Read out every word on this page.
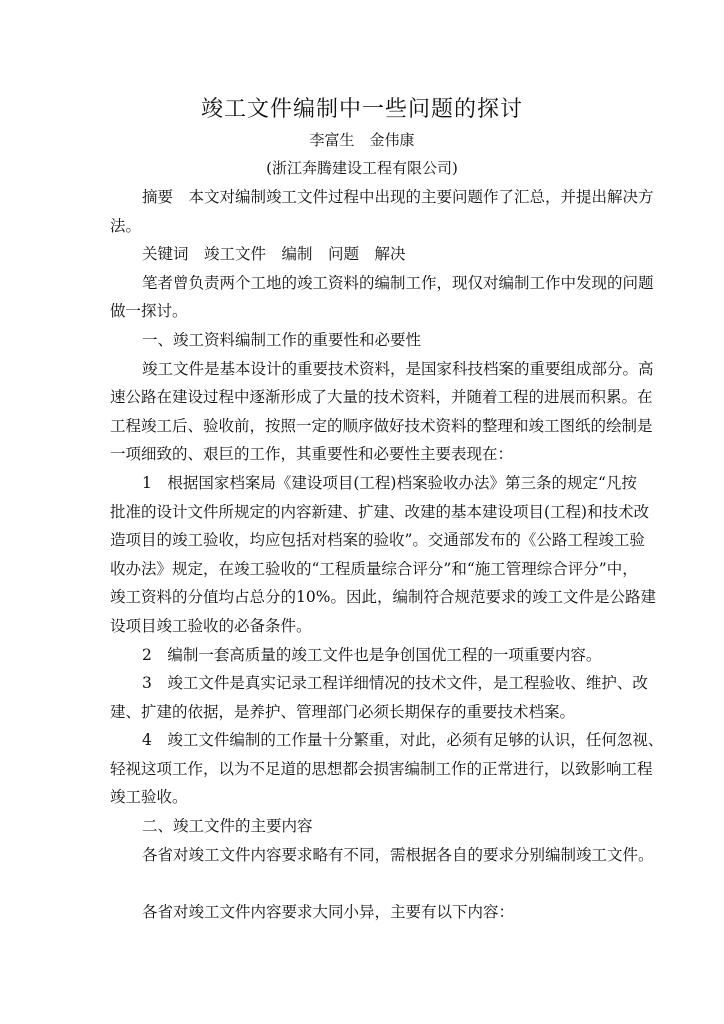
竣工文件编制中一些问题的探讨
李富生　金伟康
(浙江奔腾建设工程有限公司)
摘要　本文对编制竣工文件过程中出现的主要问题作了汇总，并提出解决方
法。
关键词　竣工文件　编制　问题　解决
笔者曾负责两个工地的竣工资料的编制工作，现仅对编制工作中发现的问题
做一探讨。
一、竣工资料编制工作的重要性和必要性
竣工文件是基本设计的重要技术资料，是国家科技档案的重要组成部分。高
速公路在建设过程中逐渐形成了大量的技术资料，并随着工程的进展而积累。在
工程竣工后、验收前，按照一定的顺序做好技术资料的整理和竣工图纸的绘制是
一项细致的、艰巨的工作，其重要性和必要性主要表现在：
1　根据国家档案局《建设项目(工程)档案验收办法》第三条的规定“凡按
批准的设计文件所规定的内容新建、扩建、改建的基本建设项目(工程)和技术改
造项目的竣工验收，均应包括对档案的验收”。交通部发布的《公路工程竣工验
收办法》规定，在竣工验收的“工程质量综合评分”和“施工管理综合评分”中，
竣工资料的分值均占总分的10%。因此，编制符合规范要求的竣工文件是公路建
设项目竣工验收的必备条件。
2　编制一套高质量的竣工文件也是争创国优工程的一项重要内容。
3　竣工文件是真实记录工程详细情况的技术文件，是工程验收、维护、改
建、扩建的依据，是养护、管理部门必须长期保存的重要技术档案。
4　竣工文件编制的工作量十分繁重，对此，必须有足够的认识，任何忽视、
轻视这项工作，以为不足道的思想都会损害编制工作的正常进行，以致影响工程
竣工验收。
二、竣工文件的主要内容
各省对竣工文件内容要求略有不同，需根据各自的要求分别编制竣工文件。
各省对竣工文件内容要求大同小异，主要有以下内容：
